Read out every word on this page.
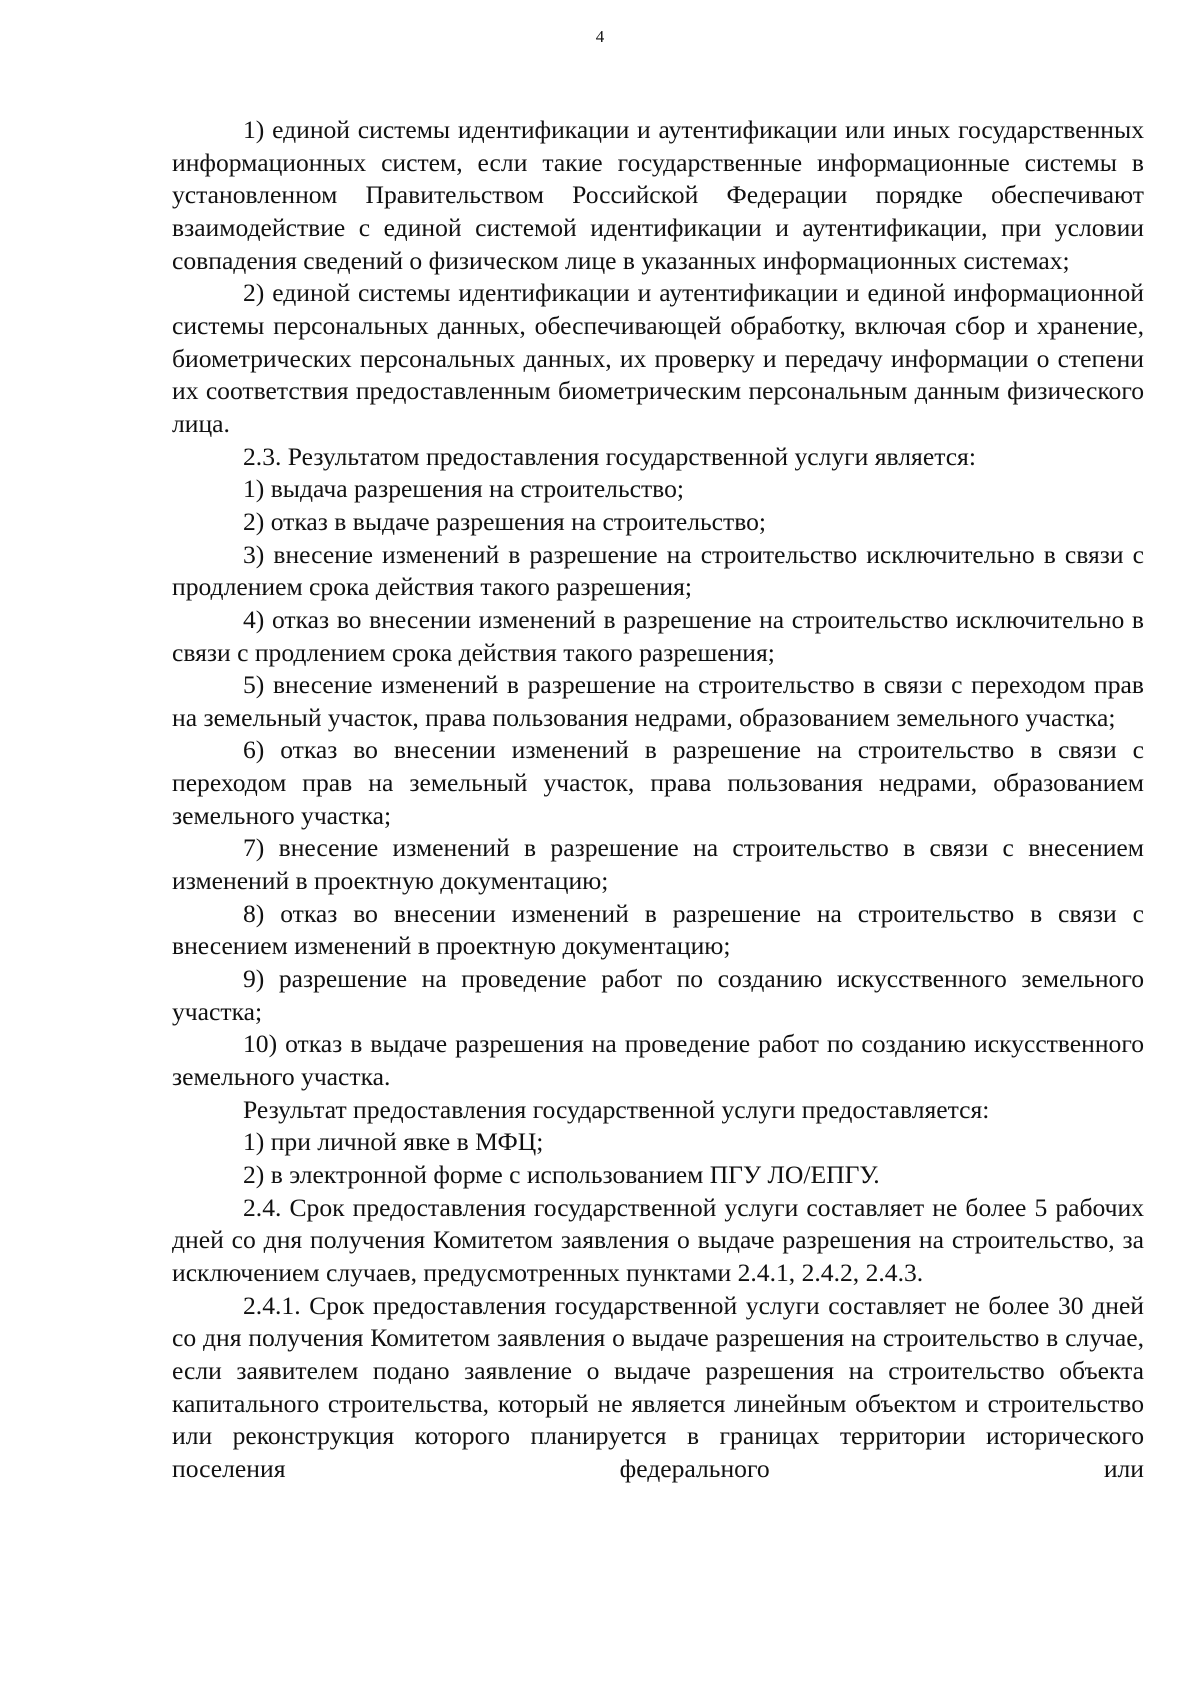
4

1) единой системы идентификации и аутентификации или иных государственных информационных систем, если такие государственные информационные системы в установленном Правительством Российской Федерации порядке обеспечивают взаимодействие с единой системой идентификации и аутентификации, при условии совпадения сведений о физическом лице в указанных информационных системах;

2) единой системы идентификации и аутентификации и единой информационной системы персональных данных, обеспечивающей обработку, включая сбор и хранение, биометрических персональных данных, их проверку и передачу информации о степени их соответствия предоставленным биометрическим персональным данным физического лица.

2.3. Результатом предоставления государственной услуги является:

1) выдача разрешения на строительство;

2) отказ в выдаче разрешения на строительство;

3) внесение изменений в разрешение на строительство исключительно в связи с продлением срока действия такого разрешения;

4) отказ во внесении изменений в разрешение на строительство исключительно в связи с продлением срока действия такого разрешения;

5) внесение изменений в разрешение на строительство в связи с переходом прав на земельный участок, права пользования недрами, образованием земельного участка;

6) отказ во внесении изменений в разрешение на строительство в связи с переходом прав на земельный участок, права пользования недрами, образованием земельного участка;

7) внесение изменений в разрешение на строительство в связи с внесением изменений в проектную документацию;

8) отказ во внесении изменений в разрешение на строительство в связи с внесением изменений в проектную документацию;

9) разрешение на проведение работ по созданию искусственного земельного участка;

10) отказ в выдаче разрешения на проведение работ по созданию искусственного земельного участка.

Результат предоставления государственной услуги предоставляется:

1) при личной явке в МФЦ;

2) в электронной форме с использованием ПГУ ЛО/ЕПГУ.

2.4. Срок предоставления государственной услуги составляет не более 5 рабочих дней со дня получения Комитетом заявления о выдаче разрешения на строительство, за исключением случаев, предусмотренных пунктами 2.4.1, 2.4.2, 2.4.3.

2.4.1. Срок предоставления государственной услуги составляет не более 30 дней со дня получения Комитетом заявления о выдаче разрешения на строительство в случае, если заявителем подано заявление о выдаче разрешения на строительство объекта капитального строительства, который не является линейным объектом и строительство или реконструкция которого планируется в границах территории исторического поселения федерального или
